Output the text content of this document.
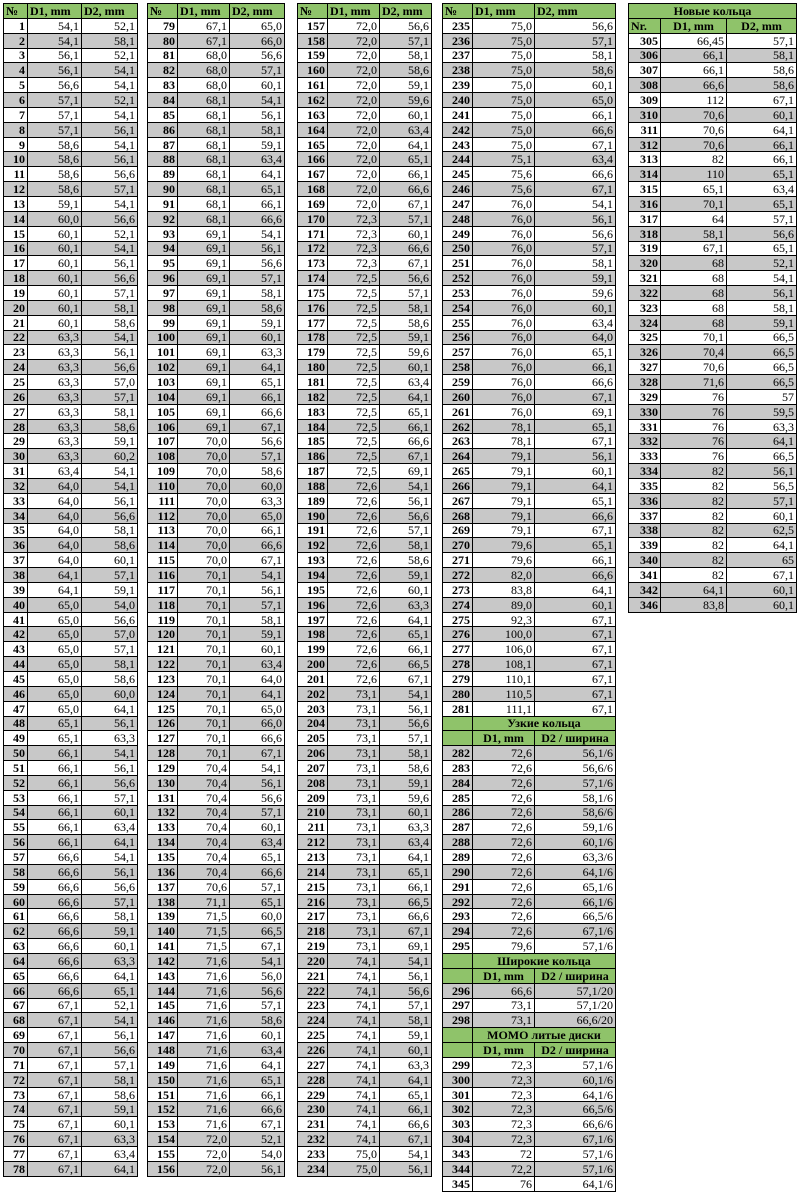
№	D1, mm	D2, mm
1	54,1	52,1
2	54,1	58,1
3	56,1	52,1
4	56,1	54,1
5	56,6	54,1
6	57,1	52,1
7	57,1	54,1
8	57,1	56,1
9	58,6	54,1
10	58,6	56,1
11	58,6	56,6
12	58,6	57,1
13	59,1	54,1
14	60,0	56,6
15	60,1	52,1
16	60,1	54,1
17	60,1	56,1
18	60,1	56,6
19	60,1	57,1
20	60,1	58,1
21	60,1	58,6
22	63,3	54,1
23	63,3	56,1
24	63,3	56,6
25	63,3	57,0
26	63,3	57,1
27	63,3	58,1
28	63,3	58,6
29	63,3	59,1
30	63,3	60,2
31	63,4	54,1
32	64,0	54,1
33	64,0	56,1
34	64,0	56,6
35	64,0	58,1
36	64,0	58,6
37	64,0	60,1
38	64,1	57,1
39	64,1	59,1
40	65,0	54,0
41	65,0	56,6
42	65,0	57,0
43	65,0	57,1
44	65,0	58,1
45	65,0	58,6
46	65,0	60,0
47	65,0	64,1
48	65,1	56,1
49	65,1	63,3
50	66,1	54,1
51	66,1	56,1
52	66,1	56,6
53	66,1	57,1
54	66,1	60,1
55	66,1	63,4
56	66,1	64,1
57	66,6	54,1
58	66,6	56,1
59	66,6	56,6
60	66,6	57,1
61	66,6	58,1
62	66,6	59,1
63	66,6	60,1
64	66,6	63,3
65	66,6	64,1
66	66,6	65,1
67	67,1	52,1
68	67,1	54,1
69	67,1	56,1
70	67,1	56,6
71	67,1	57,1
72	67,1	58,1
73	67,1	58,6
74	67,1	59,1
75	67,1	60,1
76	67,1	63,3
77	67,1	63,4
78	67,1	64,1
№	D1, mm	D2, mm
79	67,1	65,0
80	67,1	66,0
81	68,0	56,6
82	68,0	57,1
83	68,0	60,1
84	68,1	54,1
85	68,1	56,1
86	68,1	58,1
87	68,1	59,1
88	68,1	63,4
89	68,1	64,1
90	68,1	65,1
91	68,1	66,1
92	68,1	66,6
93	69,1	54,1
94	69,1	56,1
95	69,1	56,6
96	69,1	57,1
97	69,1	58,1
98	69,1	58,6
99	69,1	59,1
100	69,1	60,1
101	69,1	63,3
102	69,1	64,1
103	69,1	65,1
104	69,1	66,1
105	69,1	66,6
106	69,1	67,1
107	70,0	56,6
108	70,0	57,1
109	70,0	58,6
110	70,0	60,0
111	70,0	63,3
112	70,0	65,0
113	70,0	66,1
114	70,0	66,6
115	70,0	67,1
116	70,1	54,1
117	70,1	56,1
118	70,1	57,1
119	70,1	58,1
120	70,1	59,1
121	70,1	60,1
122	70,1	63,4
123	70,1	64,0
124	70,1	64,1
125	70,1	65,0
126	70,1	66,0
127	70,1	66,6
128	70,1	67,1
129	70,4	54,1
130	70,4	56,1
131	70,4	56,6
132	70,4	57,1
133	70,4	60,1
134	70,4	63,4
135	70,4	65,1
136	70,4	66,6
137	70,6	57,1
138	71,1	65,1
139	71,5	60,0
140	71,5	66,5
141	71,5	67,1
142	71,6	54,1
143	71,6	56,0
144	71,6	56,6
145	71,6	57,1
146	71,6	58,6
147	71,6	60,1
148	71,6	63,4
149	71,6	64,1
150	71,6	65,1
151	71,6	66,1
152	71,6	66,6
153	71,6	67,1
154	72,0	52,1
155	72,0	54,0
156	72,0	56,1
№	D1, mm	D2, mm
157	72,0	56,6
158	72,0	57,1
159	72,0	58,1
160	72,0	58,6
161	72,0	59,1
162	72,0	59,6
163	72,0	60,1
164	72,0	63,4
165	72,0	64,1
166	72,0	65,1
167	72,0	66,1
168	72,0	66,6
169	72,0	67,1
170	72,3	57,1
171	72,3	60,1
172	72,3	66,6
173	72,3	67,1
174	72,5	56,6
175	72,5	57,1
176	72,5	58,1
177	72,5	58,6
178	72,5	59,1
179	72,5	59,6
180	72,5	60,1
181	72,5	63,4
182	72,5	64,1
183	72,5	65,1
184	72,5	66,1
185	72,5	66,6
186	72,5	67,1
187	72,5	69,1
188	72,6	54,1
189	72,6	56,1
190	72,6	56,6
191	72,6	57,1
192	72,6	58,1
193	72,6	58,6
194	72,6	59,1
195	72,6	60,1
196	72,6	63,3
197	72,6	64,1
198	72,6	65,1
199	72,6	66,1
200	72,6	66,5
201	72,6	67,1
202	73,1	54,1
203	73,1	56,1
204	73,1	56,6
205	73,1	57,1
206	73,1	58,1
207	73,1	58,6
208	73,1	59,1
209	73,1	59,6
210	73,1	60,1
211	73,1	63,3
212	73,1	63,4
213	73,1	64,1
214	73,1	65,1
215	73,1	66,1
216	73,1	66,5
217	73,1	66,6
218	73,1	67,1
219	73,1	69,1
220	74,1	54,1
221	74,1	56,1
222	74,1	56,6
223	74,1	57,1
224	74,1	58,1
225	74,1	59,1
226	74,1	60,1
227	74,1	63,3
228	74,1	64,1
229	74,1	65,1
230	74,1	66,1
231	74,1	66,6
232	74,1	67,1
233	75,0	54,1
234	75,0	56,1
№	D1, mm	D2, mm
235	75,0	56,6
236	75,0	57,1
237	75,0	58,1
238	75,0	58,6
239	75,0	60,1
240	75,0	65,0
241	75,0	66,1
242	75,0	66,6
243	75,0	67,1
244	75,1	63,4
245	75,6	66,6
246	75,6	67,1
247	76,0	54,1
248	76,0	56,1
249	76,0	56,6
250	76,0	57,1
251	76,0	58,1
252	76,0	59,1
253	76,0	59,6
254	76,0	60,1
255	76,0	63,4
256	76,0	64,0
257	76,0	65,1
258	76,0	66,1
259	76,0	66,6
260	76,0	67,1
261	76,0	69,1
262	78,1	65,1
263	78,1	67,1
264	79,1	56,1
265	79,1	60,1
266	79,1	64,1
267	79,1	65,1
268	79,1	66,6
269	79,1	67,1
270	79,6	65,1
271	79,6	66,1
272	82,0	66,6
273	83,8	64,1
274	89,0	60,1
275	92,3	67,1
276	100,0	67,1
277	106,0	67,1
278	108,1	67,1
279	110,1	67,1
280	110,5	67,1
281	111,1	67,1
	Узкие кольца	
	D1, mm	D2 / ширина
282	72,6	56,1/6
283	72,6	56,6/6
284	72,6	57,1/6
285	72,6	58,1/6
286	72,6	58,6/6
287	72,6	59,1/6
288	72,6	60,1/6
289	72,6	63,3/6
290	72,6	64,1/6
291	72,6	65,1/6
292	72,6	66,1/6
293	72,6	66,5/6
294	72,6	67,1/6
295	79,6	57,1/6
	Широкие кольца	
	D1, mm	D2 / ширина
296	66,6	57,1/20
297	73,1	57,1/20
298	73,1	66,6/20
	MOMO литые диски	
	D1, mm	D2 / ширина
299	72,3	57,1/6
300	72,3	60,1/6
301	72,3	64,1/6
302	72,3	66,5/6
303	72,3	66,6/6
304	72,3	67,1/6
343	72	57,1/6
344	72,2	57,1/6
345	76	64,1/6
Новые кольца		
Nr.	D1, mm	D2, mm
305	66,45	57,1
306	66,1	58,1
307	66,1	58,6
308	66,6	58,6
309	112	67,1
310	70,6	60,1
311	70,6	64,1
312	70,6	66,1
313	82	66,1
314	110	65,1
315	65,1	63,4
316	70,1	65,1
317	64	57,1
318	58,1	56,6
319	67,1	65,1
320	68	52,1
321	68	54,1
322	68	56,1
323	68	58,1
324	68	59,1
325	70,1	66,5
326	70,4	66,5
327	70,6	66,5
328	71,6	66,5
329	76	57
330	76	59,5
331	76	63,3
332	76	64,1
333	76	66,5
334	82	56,1
335	82	56,5
336	82	57,1
337	82	60,1
338	82	62,5
339	82	64,1
340	82	65
341	82	67,1
342	64,1	60,1
346	83,8	60,1
